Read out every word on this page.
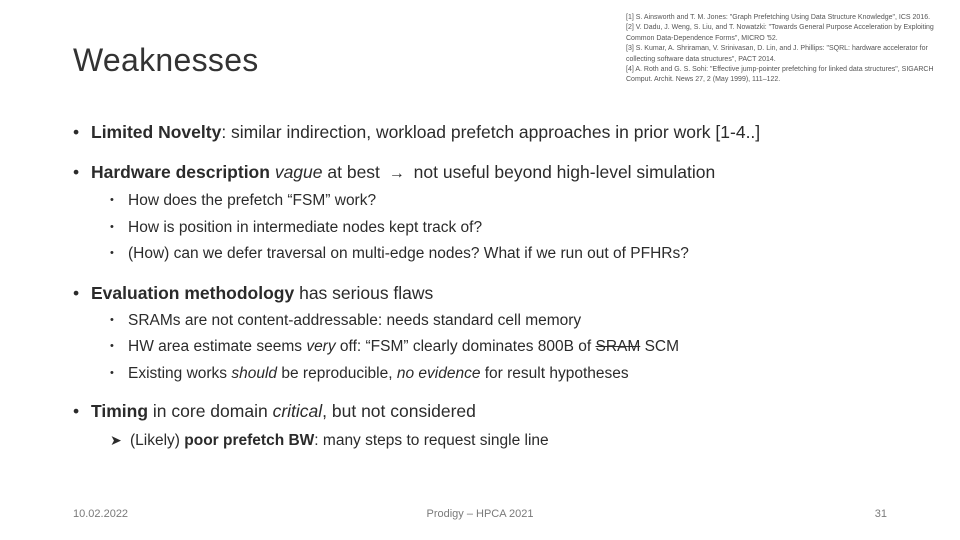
Weaknesses
[1] S. Ainsworth and T. M. Jones: "Graph Prefetching Using Data Structure Knowledge", ICS 2016.
[2] V. Dadu, J. Weng, S. Liu, and T. Nowatzki: "Towards General Purpose Acceleration by Exploiting Common Data-Dependence Forms", MICRO '52.
[3] S. Kumar, A. Shriraman, V. Srinivasan, D. Lin, and J. Phillips: "SQRL: hardware accelerator for collecting software data structures", PACT 2014.
[4] A. Roth and G. S. Sohi: "Effective jump-pointer prefetching for linked data structures", SIGARCH Comput. Archit. News 27, 2 (May 1999), 111–122.
• Limited Novelty: similar indirection, workload prefetch approaches in prior work [1-4..]
• Hardware description vague at best → not useful beyond high-level simulation
• How does the prefetch “FSM” work?
• How is position in intermediate nodes kept track of?
• (How) can we defer traversal on multi-edge nodes? What if we run out of PFHRs?
• Evaluation methodology has serious flaws
• SRAMs are not content-addressable: needs standard cell memory
• HW area estimate seems very off: “FSM” clearly dominates 800B of SRAM SCM
• Existing works should be reproducible, no evidence for result hypotheses
• Timing in core domain critical, but not considered
➤ (Likely) poor prefetch BW: many steps to request single line
10.02.2022	Prodigy – HPCA 2021	31
